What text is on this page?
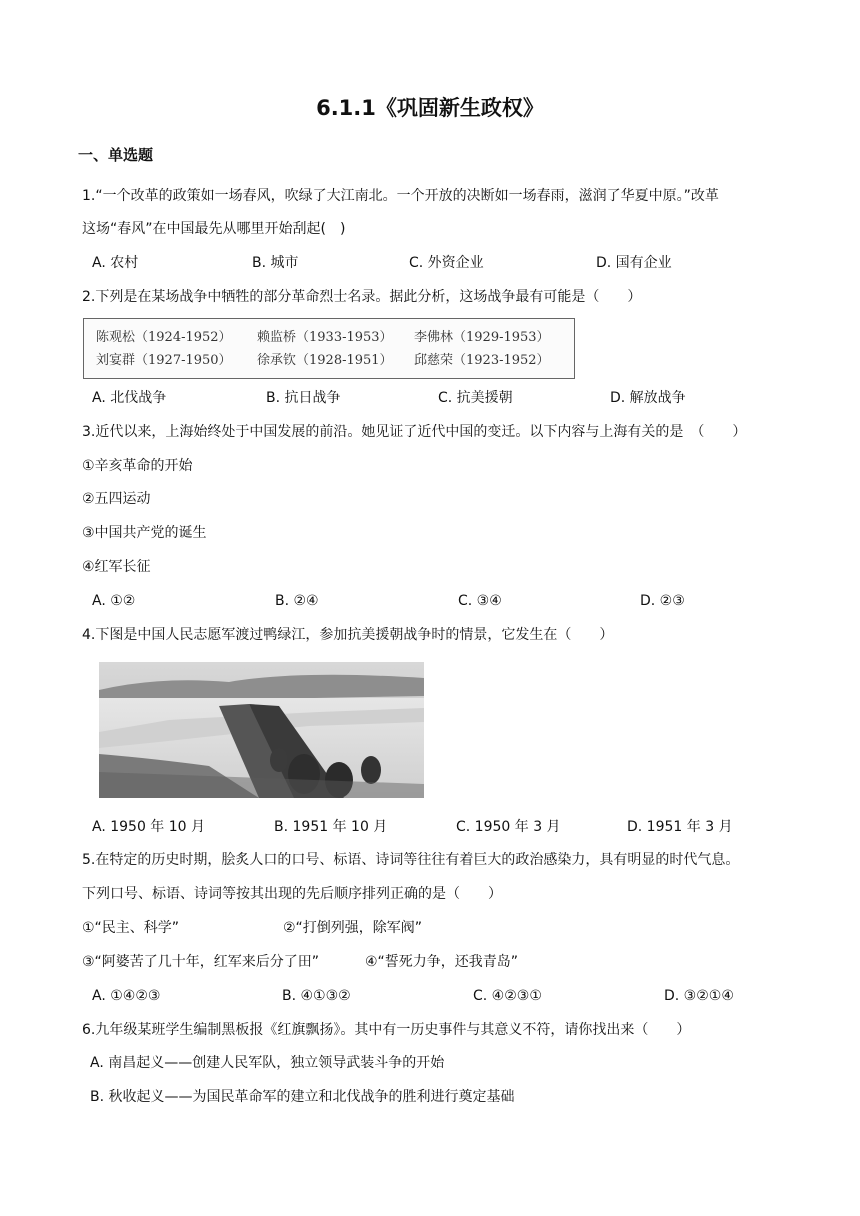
6.1.1《巩固新生政权》
一、单选题
1.“一个改革的政策如一场春风，吹绿了大江南北。一个开放的决断如一场春雨，滋润了华夏中原。”改革
这场“春风”在中国最先从哪里开始刮起(　)
A. 农村	B. 城市	C. 外资企业	D. 国有企业
2.下列是在某场战争中牺牲的部分革命烈士名录。据此分析，这场战争最有可能是（　　）
陈观松（1924-1952） 赖监桥（1933-1953） 李佛林（1929-1953）
刘宴群（1927-1950） 徐承钦（1928-1951） 邱慈荣（1923-1952）
A. 北伐战争	B. 抗日战争	C. 抗美援朝	D. 解放战争
3.近代以来，上海始终处于中国发展的前沿。她见证了近代中国的变迁。以下内容与上海有关的是　（　　）
①辛亥革命的开始
②五四运动
③中国共产党的诞生
④红军长征
A. ①②	B. ②④	C. ③④	D. ②③
4.下图是中国人民志愿军渡过鸭绿江，参加抗美援朝战争时的情景，它发生在（　　）
A. 1950 年 10 月	B. 1951 年 10 月	C. 1950 年 3 月	D. 1951 年 3 月
5.在特定的历史时期，脍炙人口的口号、标语、诗词等往往有着巨大的政治感染力，具有明显的时代气息。
下列口号、标语、诗词等按其出现的先后顺序排列正确的是（　　）
①“民主、科学”	②“打倒列强，除军阀”
③“阿婆苦了几十年，红军来后分了田”	④“誓死力争，还我青岛”
A. ①④②③	B. ④①③②	C. ④②③①	D. ③②①④
6.九年级某班学生编制黑板报《红旗飘扬》。其中有一历史事件与其意义不符，请你找出来（　　）
A. 南昌起义——创建人民军队，独立领导武装斗争的开始
B. 秋收起义——为国民革命军的建立和北伐战争的胜利进行奠定基础
